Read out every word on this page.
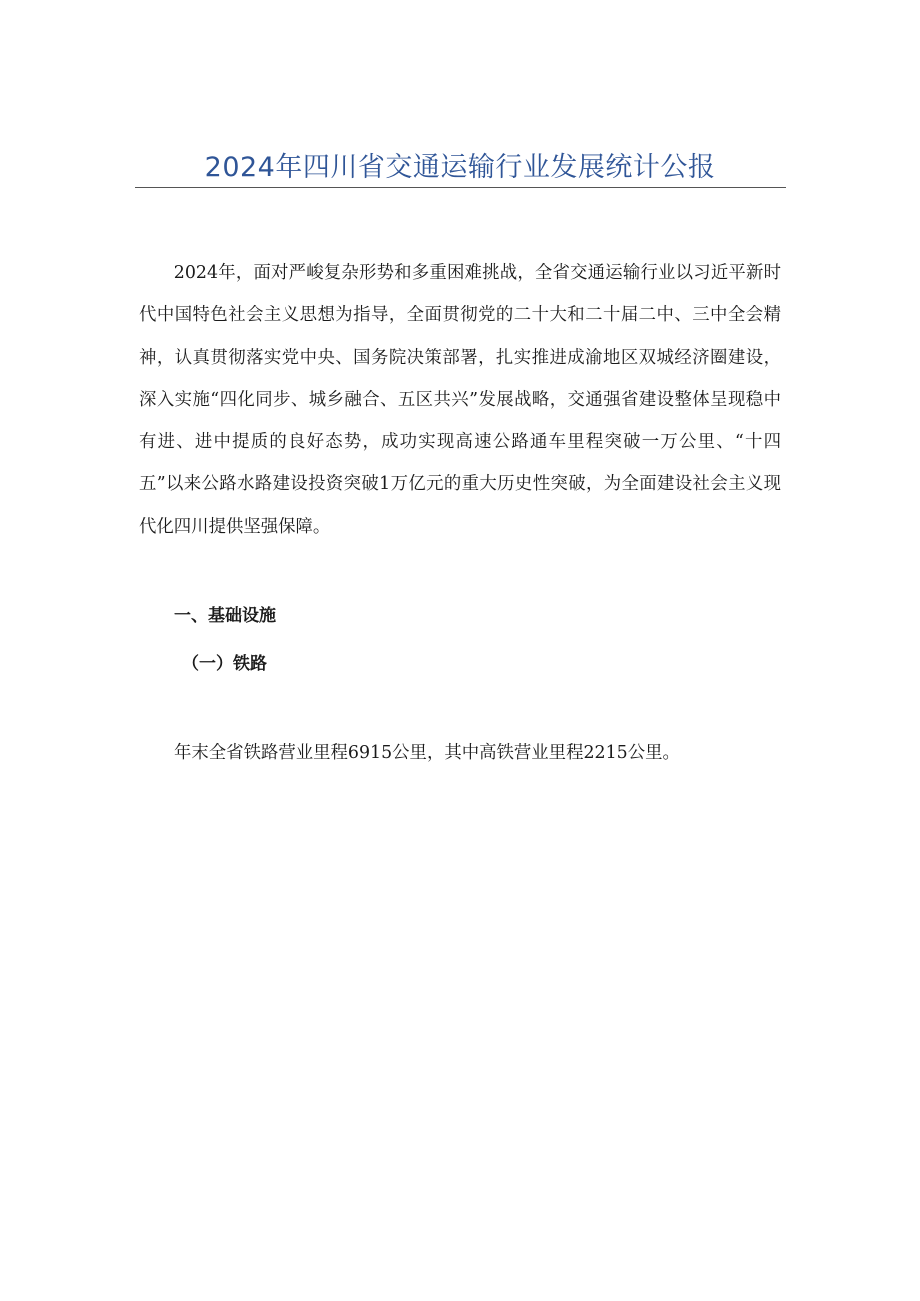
2024年四川省交通运输行业发展统计公报

2024年，面对严峻复杂形势和多重困难挑战，全省交通运输行业以习近平新时代中国特色社会主义思想为指导，全面贯彻党的二十大和二十届二中、三中全会精神，认真贯彻落实党中央、国务院决策部署，扎实推进成渝地区双城经济圈建设，深入实施“四化同步、城乡融合、五区共兴”发展战略，交通强省建设整体呈现稳中有进、进中提质的良好态势，成功实现高速公路通车里程突破一万公里、“十四五”以来公路水路建设投资突破1万亿元的重大历史性突破，为全面建设社会主义现代化四川提供坚强保障。

一、基础设施

（一）铁路

年末全省铁路营业里程6915公里，其中高铁营业里程2215公里。
